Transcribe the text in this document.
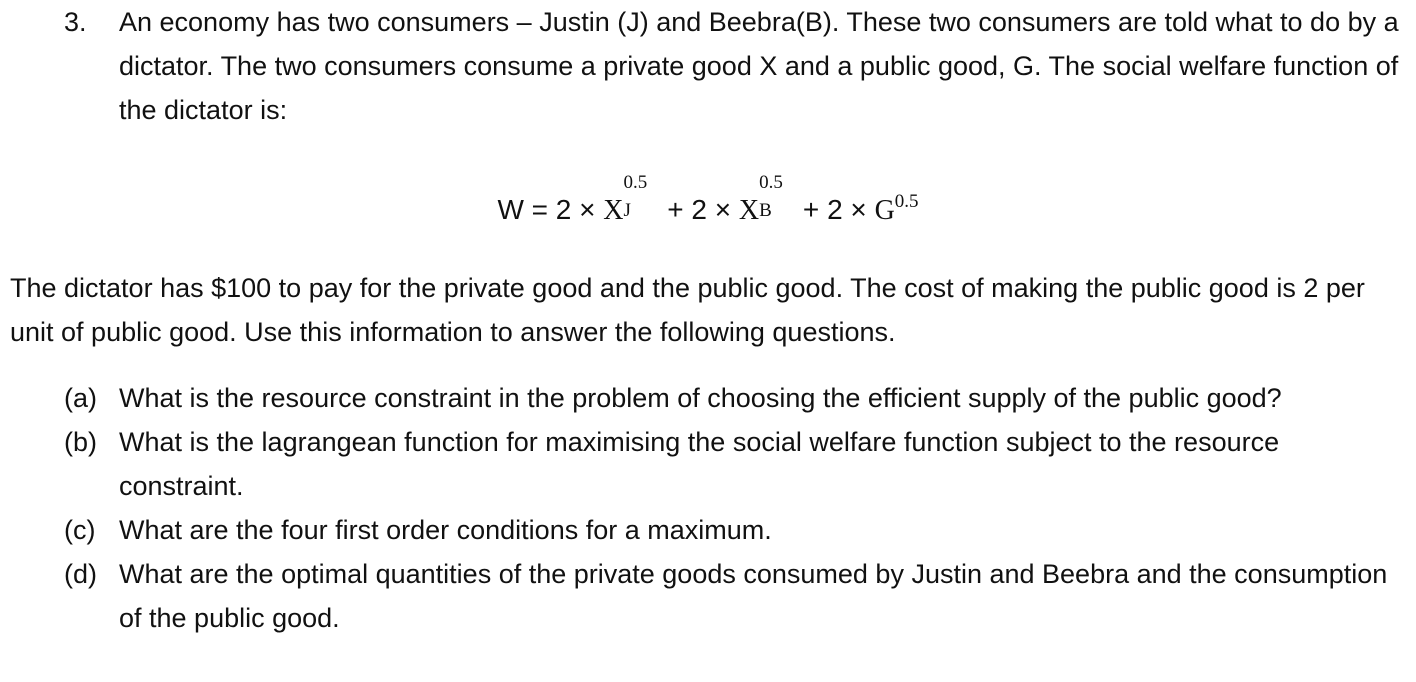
3.	An economy has two consumers – Justin (J) and Beebra(B). These two consumers are told what to do by a dictator. The two consumers consume a private good X and a public good, G. The social welfare function of the dictator is:
W = 2 × X
0.5
J + 2 × X
0.5
$B + 2 \times G^{0.5}$
The dictator has $100 to pay for the private good and the public good. The cost of making the public good is 2 per unit of public good. Use this information to answer the following questions.
(a) What is the resource constraint in the problem of choosing the efficient supply of the public good?
(b) What is the lagrangean function for maximising the social welfare function subject to the resource constraint.
(c) What are the four first order conditions for a maximum.
(d) What are the optimal quantities of the private goods consumed by Justin and Beebra and the consumption of the public good.
